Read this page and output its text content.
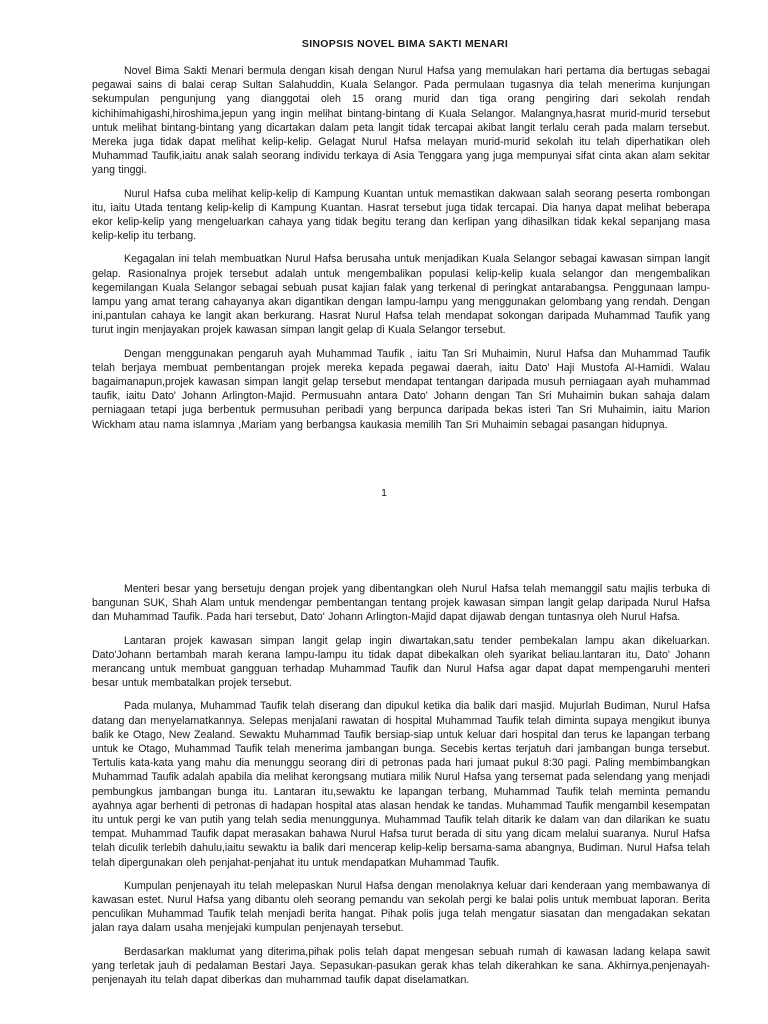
SINOPSIS NOVEL BIMA SAKTI MENARI

Novel Bima Sakti Menari bermula dengan kisah dengan Nurul Hafsa yang memulakan hari pertama dia bertugas sebagai pegawai sains di balai cerap Sultan Salahuddin, Kuala Selangor. Pada permulaan tugasnya dia telah menerima kunjungan sekumpulan pengunjung yang dianggotai oleh 15 orang murid dan tiga orang pengiring dari sekolah rendah kichihimahigashi,hiroshima,jepun yang ingin melihat bintang-bintang di Kuala Selangor. Malangnya,hasrat murid-murid tersebut untuk melihat bintang-bintang yang dicartakan dalam peta langit tidak tercapai akibat langit terlalu cerah pada malam tersebut. Mereka juga tidak dapat melihat kelip-kelip. Gelagat Nurul Hafsa melayan murid-murid sekolah itu telah diperhatikan oleh Muhammad Taufik,iaitu anak salah seorang individu terkaya di Asia Tenggara yang juga mempunyai sifat cinta akan alam sekitar yang tinggi.

Nurul Hafsa cuba melihat kelip-kelip di Kampung Kuantan untuk memastikan dakwaan salah seorang peserta rombongan itu, iaitu Utada tentang kelip-kelip di Kampung Kuantan. Hasrat tersebut juga tidak tercapai. Dia hanya dapat melihat beberapa ekor kelip-kelip yang mengeluarkan cahaya yang tidak begitu terang dan kerlipan yang dihasilkan tidak kekal sepanjang masa kelip-kelip itu terbang.

Kegagalan ini telah membuatkan Nurul Hafsa berusaha untuk menjadikan Kuala Selangor sebagai kawasan simpan langit gelap. Rasionalnya projek tersebut adalah untuk mengembalikan populasi kelip-kelip kuala selangor dan mengembalikan kegemilangan Kuala Selangor sebagai sebuah pusat kajian falak yang terkenal di peringkat antarabangsa. Penggunaan lampu-lampu yang amat terang cahayanya akan digantikan dengan lampu-lampu yang menggunakan gelombang yang rendah. Dengan ini,pantulan cahaya ke langit akan berkurang. Hasrat Nurul Hafsa telah mendapat sokongan daripada Muhammad Taufik yang turut ingin menjayakan projek kawasan simpan langit gelap di Kuala Selangor tersebut.

Dengan menggunakan pengaruh ayah Muhammad Taufik , iaitu Tan Sri Muhaimin, Nurul Hafsa dan Muhammad Taufik telah berjaya membuat pembentangan projek mereka kepada pegawai daerah, iaitu Dato' Haji Mustofa Al-Hamidi. Walau bagaimanapun,projek kawasan simpan langit gelap tersebut mendapat tentangan daripada musuh perniagaan ayah muhammad taufik, iaitu Dato' Johann Arlington-Majid. Permusuahn antara Dato' Johann dengan Tan Sri Muhaimin bukan sahaja dalam perniagaan tetapi juga berbentuk permusuhan peribadi yang berpunca daripada bekas isteri Tan Sri Muhaimin, iaitu Marion Wickham atau nama islamnya ,Mariam yang berbangsa kaukasia memilih Tan Sri Muhaimin sebagai pasangan hidupnya.

1

Menteri besar yang bersetuju dengan projek yang dibentangkan oleh Nurul Hafsa telah memanggil satu majlis terbuka di bangunan SUK, Shah Alam untuk mendengar pembentangan tentang projek kawasan simpan langit gelap daripada Nurul Hafsa dan Muhammad Taufik. Pada hari tersebut, Dato' Johann Arlington-Majid dapat dijawab dengan tuntasnya oleh Nurul Hafsa.

Lantaran projek kawasan simpan langit gelap ingin diwartakan,satu tender pembekalan lampu akan dikeluarkan. Dato'Johann bertambah marah kerana lampu-lampu itu tidak dapat dibekalkan oleh syarikat beliau.lantaran itu, Dato' Johann merancang untuk membuat gangguan terhadap Muhammad Taufik dan Nurul Hafsa agar dapat dapat mempengaruhi menteri besar untuk membatalkan projek tersebut.

Pada mulanya, Muhammad Taufik telah diserang dan dipukul ketika dia balik dari masjid. Mujurlah Budiman, Nurul Hafsa datang dan menyelamatkannya. Selepas menjalani rawatan di hospital Muhammad Taufik telah diminta supaya mengikut ibunya balik ke Otago, New Zealand. Sewaktu Muhammad Taufik bersiap-siap untuk keluar dari hospital dan terus ke lapangan terbang untuk ke Otago, Muhammad Taufik telah menerima jambangan bunga. Secebis kertas terjatuh dari jambangan bunga tersebut. Tertulis kata-kata yang mahu dia menunggu seorang diri di petronas pada hari jumaat pukul 8:30 pagi. Paling membimbangkan Muhammad Taufik adalah apabila dia melihat kerongsang mutiara milik Nurul Hafsa yang tersemat pada selendang yang menjadi pembungkus jambangan bunga itu. Lantaran itu,sewaktu ke lapangan terbang, Muhammad Taufik telah meminta pemandu ayahnya agar berhenti di petronas di hadapan hospital atas alasan hendak ke tandas. Muhammad Taufik mengambil kesempatan itu untuk pergi ke van putih yang telah sedia menunggunya. Muhammad Taufik telah ditarik ke dalam van dan dilarikan ke suatu tempat. Muhammad Taufik dapat merasakan bahawa Nurul Hafsa turut berada di situ yang dicam melalui suaranya. Nurul Hafsa telah diculik terlebih dahulu,iaitu sewaktu ia balik dari mencerap kelip-kelip bersama-sama abangnya, Budiman. Nurul Hafsa telah telah dipergunakan oleh penjahat-penjahat itu untuk mendapatkan Muhammad Taufik.

Kumpulan penjenayah itu telah melepaskan Nurul Hafsa dengan menolaknya keluar dari kenderaan yang membawanya di kawasan estet. Nurul Hafsa yang dibantu oleh seorang pemandu van sekolah pergi ke balai polis untuk membuat laporan. Berita penculikan Muhammad Taufik telah menjadi berita hangat. Pihak polis juga telah mengatur siasatan dan mengadakan sekatan jalan raya dalam usaha menjejaki kumpulan penjenayah tersebut.

Berdasarkan maklumat yang diterima,pihak polis telah dapat mengesan sebuah rumah di kawasan ladang kelapa sawit yang terletak jauh di pedalaman Bestari Jaya. Sepasukan-pasukan gerak khas telah dikerahkan ke sana. Akhirnya,penjenayah-penjenayah itu telah dapat diberkas dan muhammad taufik dapat diselamatkan.
